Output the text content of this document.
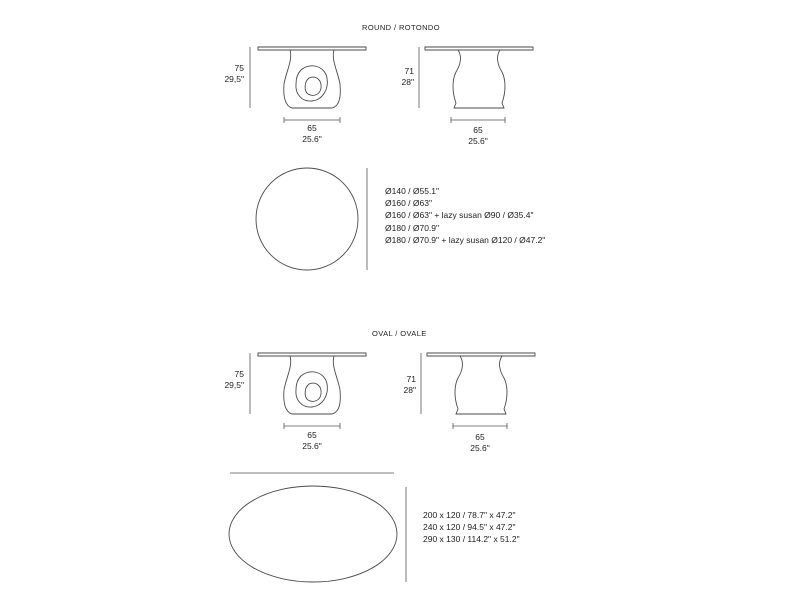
ROUND / ROTONDO
75
29,5"
71
28"
65
25.6"
65
25.6"
Ø140 / Ø55.1"
Ø160 / Ø63"
Ø160 / Ø63" + lazy susan Ø90 / Ø35.4"
Ø180 / Ø70.9"
Ø180 / Ø70.9" + lazy susan Ø120 / Ø47.2"
OVAL / OVALE
75
29,5"
71
28"
65
25.6"
65
25.6"
200 x 120 / 78.7" x 47.2"
240 x 120 / 94.5" x 47.2"
290 x 130 / 114.2" x 51.2"
